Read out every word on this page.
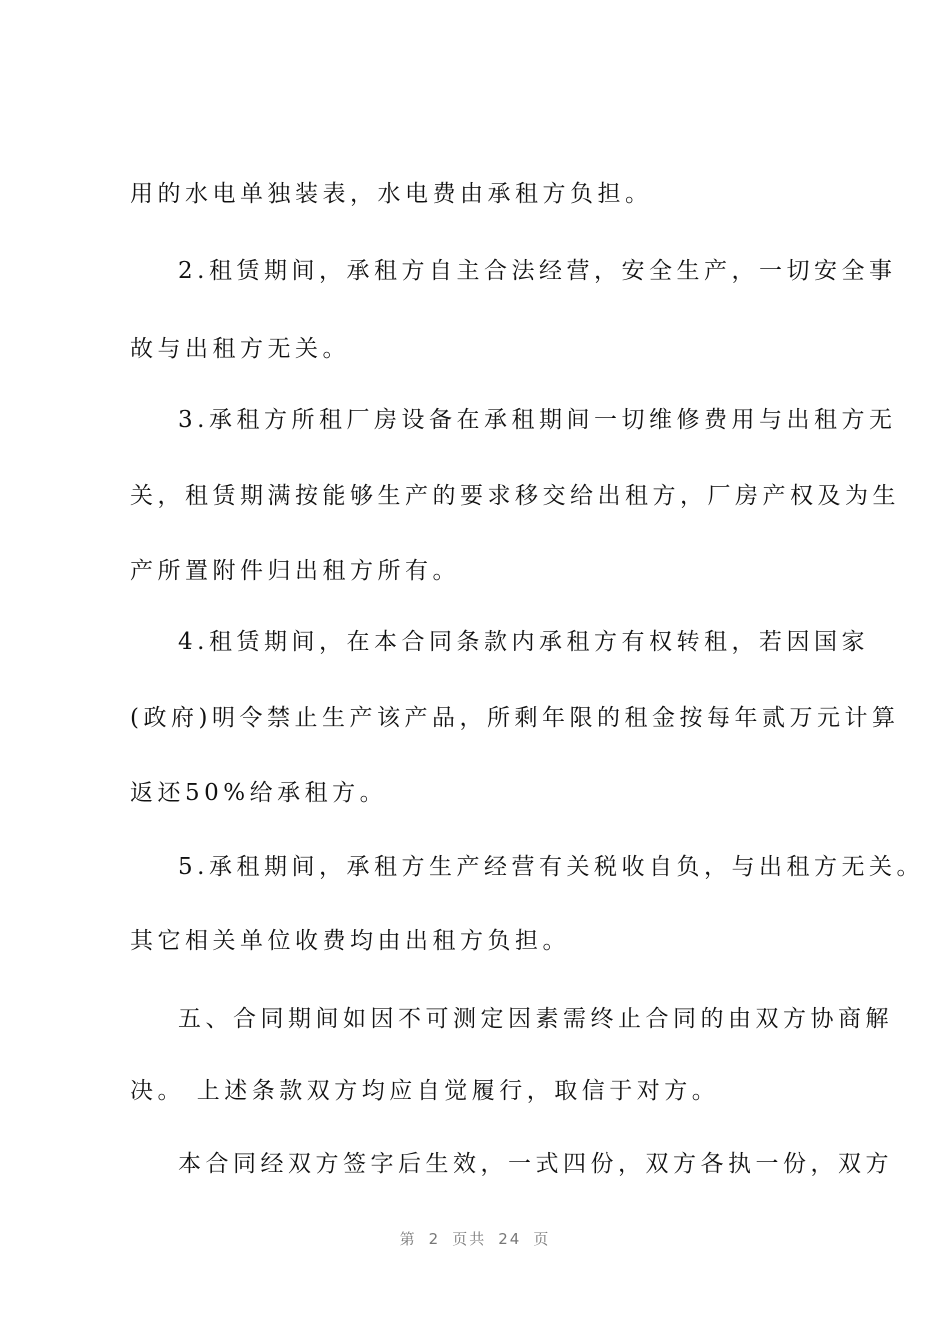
用的水电单独装表，水电费由承租方负担。
2.租赁期间，承租方自主合法经营，安全生产，一切安全事
故与出租方无关。
3.承租方所租厂房设备在承租期间一切维修费用与出租方无
关，租赁期满按能够生产的要求移交给出租方，厂房产权及为生
产所置附件归出租方所有。
4.租赁期间，在本合同条款内承租方有权转租，若因国家
(政府)明令禁止生产该产品，所剩年限的租金按每年贰万元计算
返还50%给承租方。
5.承租期间，承租方生产经营有关税收自负，与出租方无关。
其它相关单位收费均由出租方负担。
五、合同期间如因不可测定因素需终止合同的由双方协商解
决。 上述条款双方均应自觉履行，取信于对方。
本合同经双方签字后生效，一式四份，双方各执一份，双方
第 2 页共 24 页
